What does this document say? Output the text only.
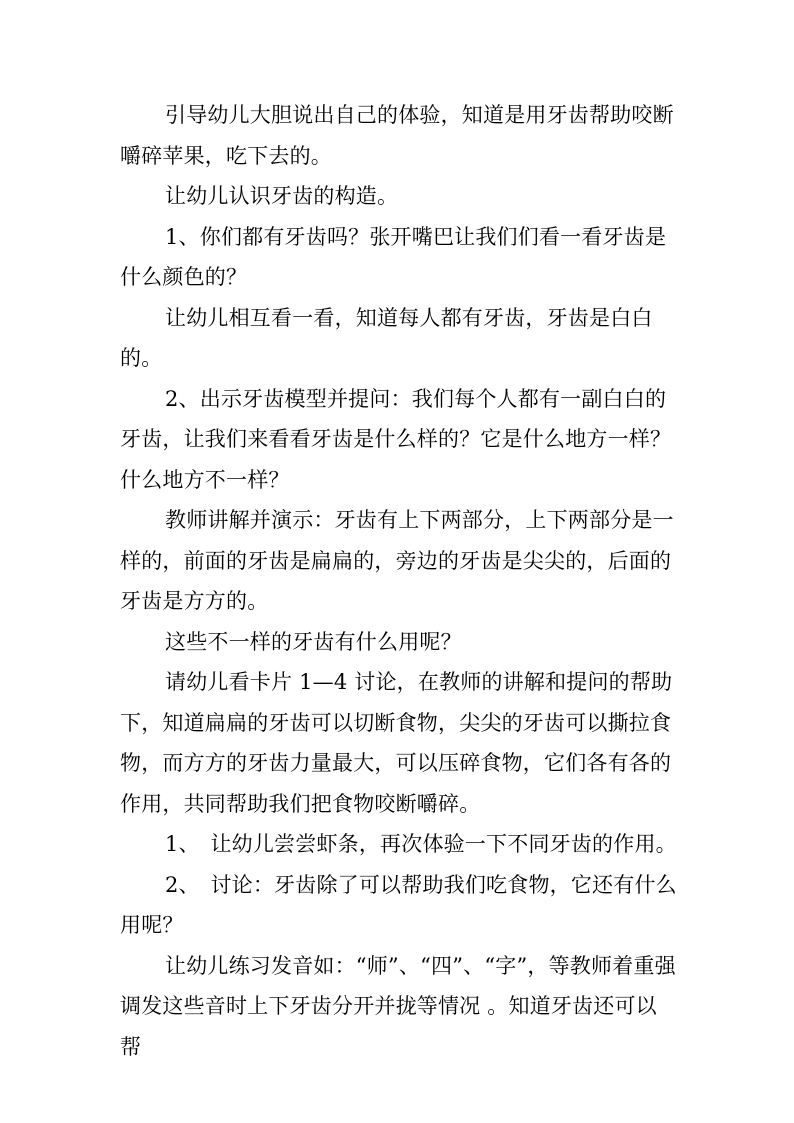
引导幼儿大胆说出自己的体验，知道是用牙齿帮助咬断嚼碎苹果，吃下去的。

让幼儿认识牙齿的构造。

1、你们都有牙齿吗？张开嘴巴让我们们看一看牙齿是什么颜色的？

让幼儿相互看一看，知道每人都有牙齿，牙齿是白白的。

2、出示牙齿模型并提问：我们每个人都有一副白白的牙齿，让我们来看看牙齿是什么样的？它是什么地方一样？什么地方不一样？

教师讲解并演示：牙齿有上下两部分，上下两部分是一样的，前面的牙齿是扁扁的，旁边的牙齿是尖尖的，后面的牙齿是方方的。

这些不一样的牙齿有什么用呢？

请幼儿看卡片 1—4 讨论，在教师的讲解和提问的帮助下，知道扁扁的牙齿可以切断食物，尖尖的牙齿可以撕拉食物，而方方的牙齿力量最大，可以压碎食物，它们各有各的作用，共同帮助我们把食物咬断嚼碎。

1、　让幼儿尝尝虾条，再次体验一下不同牙齿的作用。

2、　讨论：牙齿除了可以帮助我们吃食物，它还有什么用呢？

让幼儿练习发音如：“师”、“四”、“字”，等教师着重强调发这些音时上下牙齿分开并拢等情况 。知道牙齿还可以帮
